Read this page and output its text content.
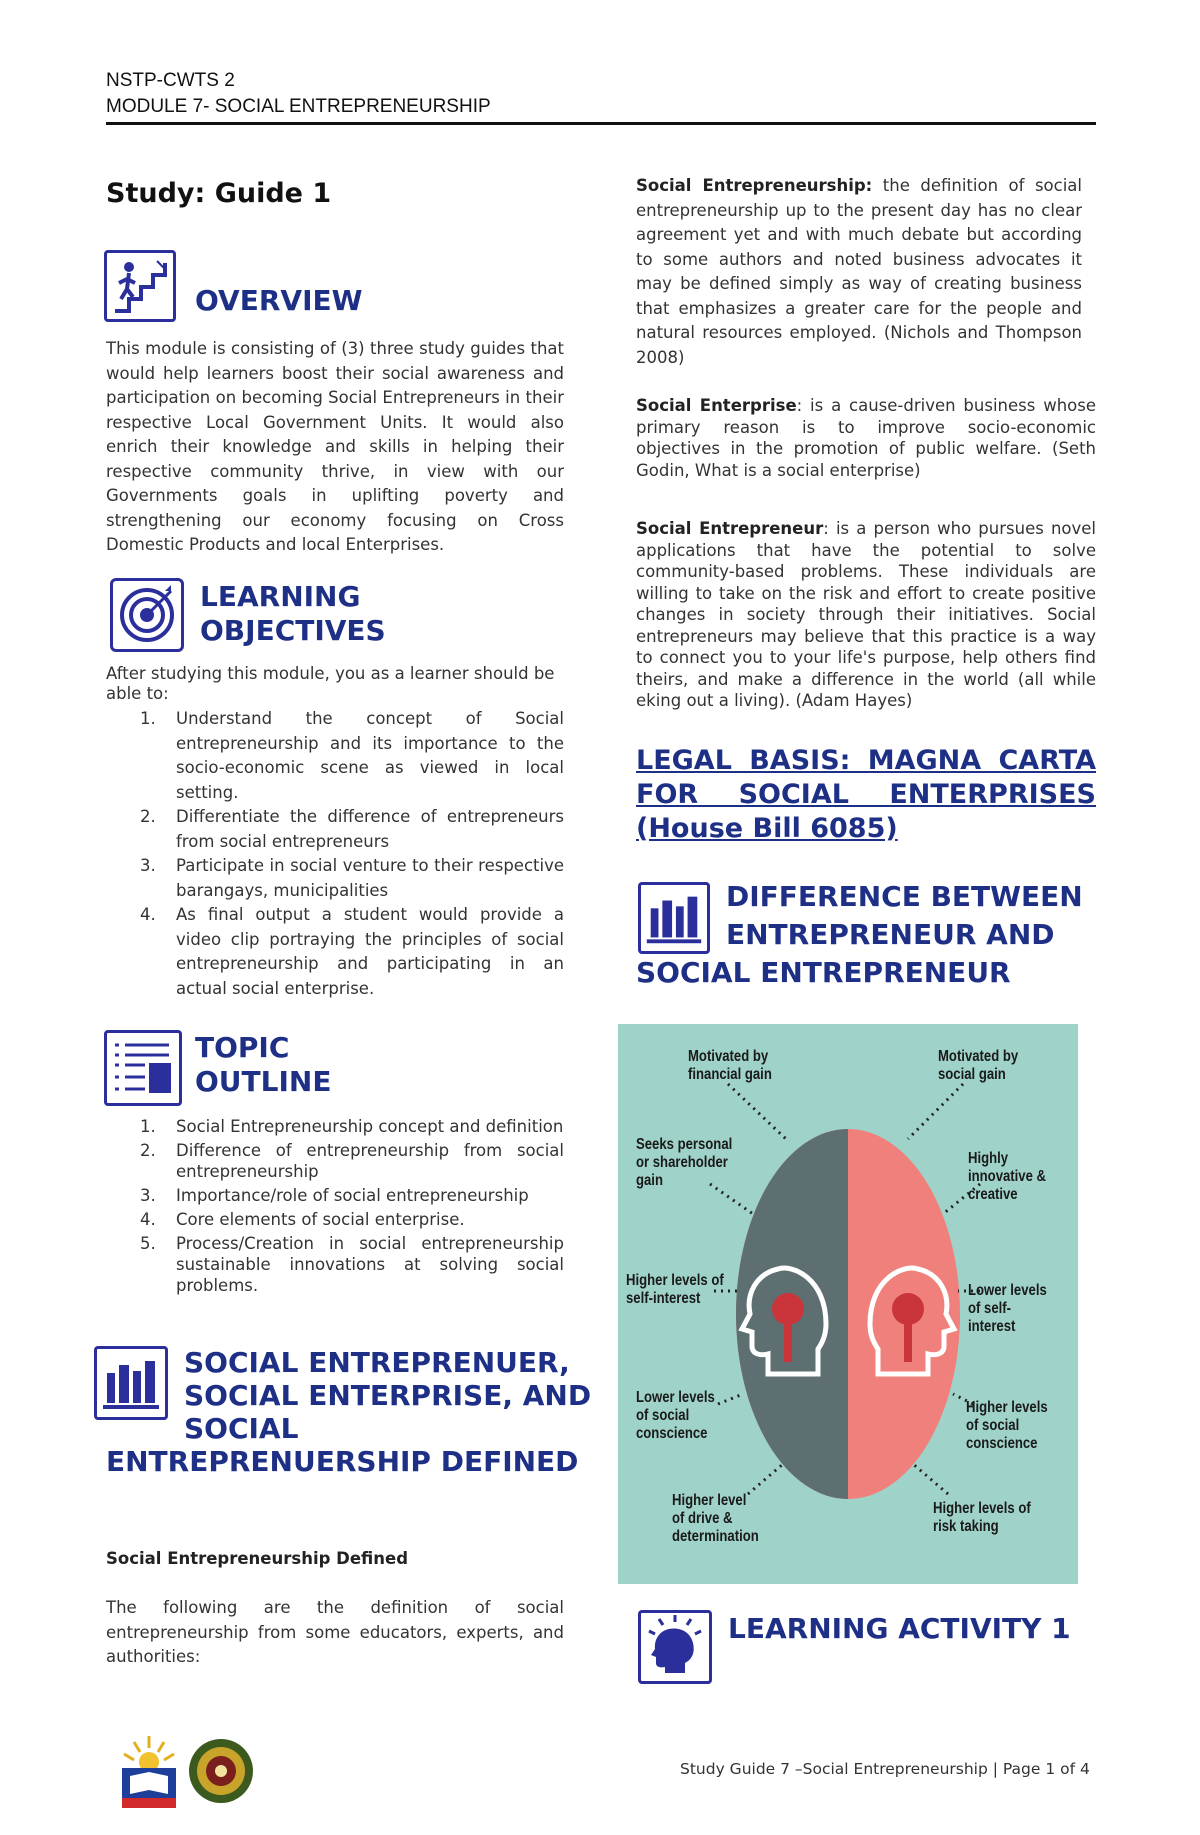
NSTP-CWTS 2
MODULE 7- SOCIAL ENTREPRENEURSHIP
Study: Guide 1
OVERVIEW
This module is consisting of (3) three study guides that would help learners boost their social awareness and participation on becoming Social Entrepreneurs in their respective Local Government Units. It would also enrich their knowledge and skills in helping their respective community thrive, in view with our Governments goals in uplifting poverty and strengthening our economy focusing on Cross Domestic Products and local Enterprises.
LEARNING
OBJECTIVES
After studying this module, you as a learner should be able to:
1. Understand the concept of Social entrepreneurship and its importance to the socio-economic scene as viewed in local setting.
2. Differentiate the difference of entrepreneurs from social entrepreneurs
3. Participate in social venture to their respective barangays, municipalities
4. As final output a student would provide a video clip portraying the principles of social entrepreneurship and participating in an actual social enterprise.
TOPIC
OUTLINE
1. Social Entrepreneurship concept and definition
2. Difference of entrepreneurship from social entrepreneurship
3. Importance/role of social entrepreneurship
4. Core elements of social enterprise.
5. Process/Creation in social entrepreneurship sustainable innovations at solving social problems.
SOCIAL ENTREPRENUER,
SOCIAL ENTERPRISE, AND
SOCIAL
ENTREPRENUERSHIP DEFINED
Social Entrepreneurship Defined
The following are the definition of social entrepreneurship from some educators, experts, and authorities:
Social Entrepreneurship: the definition of social entrepreneurship up to the present day has no clear agreement yet and with much debate but according to some authors and noted business advocates it may be defined simply as way of creating business that emphasizes a greater care for the people and natural resources employed. (Nichols and Thompson 2008)
Social Enterprise: is a cause-driven business whose primary reason is to improve socio-economic objectives in the promotion of public welfare. (Seth Godin, What is a social enterprise)
Social Entrepreneur: is a person who pursues novel applications that have the potential to solve community-based problems. These individuals are willing to take on the risk and effort to create positive changes in society through their initiatives. Social entrepreneurs may believe that this practice is a way to connect you to your life's purpose, help others find theirs, and make a difference in the world (all while eking out a living). (Adam Hayes)
LEGAL BASIS: MAGNA CARTA FOR SOCIAL ENTERPRISES (House Bill 6085)
DIFFERENCE BETWEEN
ENTREPRENEUR AND
SOCIAL ENTREPRENEUR
Motivated by financial gain
Seeks personal or shareholder gain
Higher levels of self-interest
Lower levels of social conscience
Higher level of drive & determination
Motivated by social gain
Highly innovative & creative
Lower levels of self-interest
Higher levels of social conscience
Higher levels of risk taking
LEARNING ACTIVITY 1
Study Guide 7 –Social Entrepreneurship | Page 1 of 4
